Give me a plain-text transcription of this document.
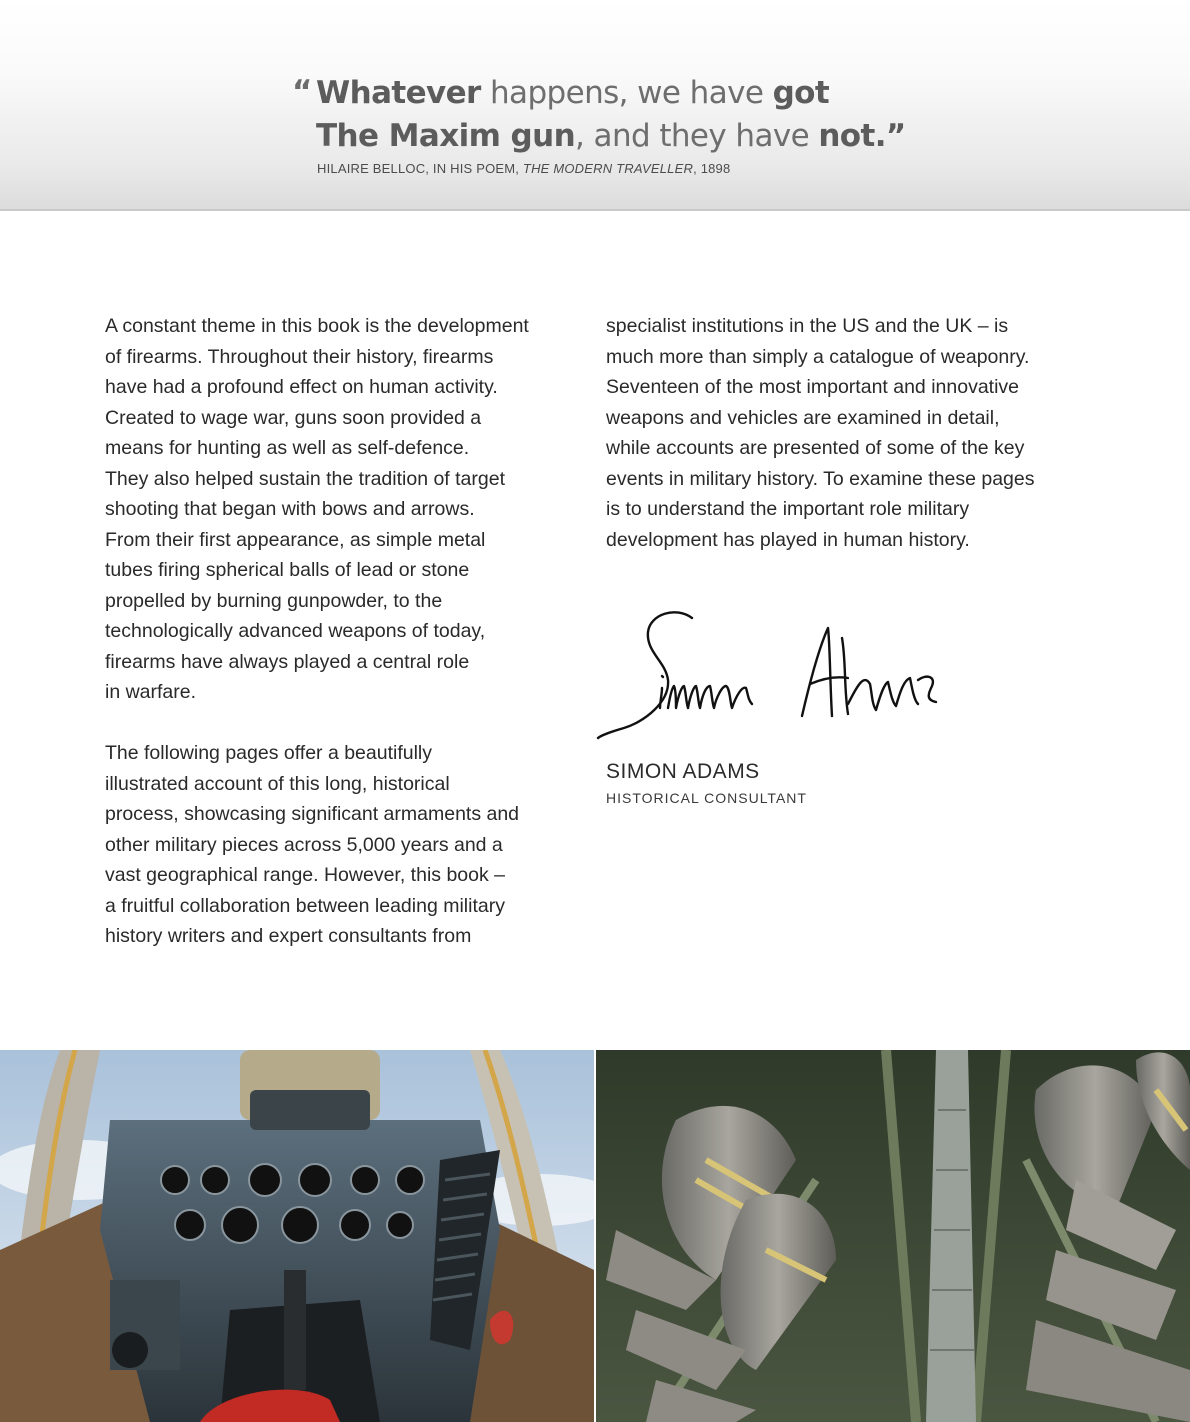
“ Whatever happens, we have got
The Maxim gun, and they have not.”
HILAIRE BELLOC, IN HIS POEM, THE MODERN TRAVELLER, 1898

A constant theme in this book is the development
of firearms. Throughout their history, firearms
have had a profound effect on human activity.
Created to wage war, guns soon provided a
means for hunting as well as self-defence.
They also helped sustain the tradition of target
shooting that began with bows and arrows.
From their first appearance, as simple metal
tubes firing spherical balls of lead or stone
propelled by burning gunpowder, to the
technologically advanced weapons of today,
firearms have always played a central role
in warfare.

The following pages offer a beautifully
illustrated account of this long, historical
process, showcasing significant armaments and
other military pieces across 5,000 years and a
vast geographical range. However, this book –
a fruitful collaboration between leading military
history writers and expert consultants from

specialist institutions in the US and the UK – is
much more than simply a catalogue of weaponry.
Seventeen of the most important and innovative
weapons and vehicles are examined in detail,
while accounts are presented of some of the key
events in military history. To examine these pages
is to understand the important role military
development has played in human history.

SIMON ADAMS
HISTORICAL CONSULTANT
